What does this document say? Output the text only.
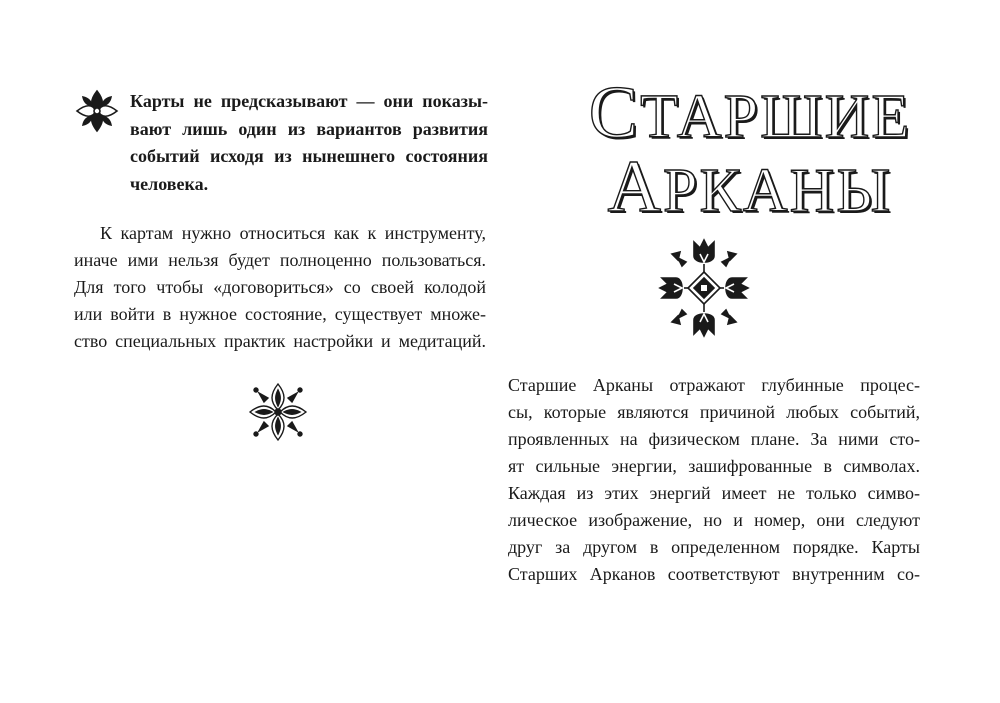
Карты не предсказывают — они показы-
вают лишь один из вариантов развития
событий исходя из нынешнего состояния
человека.

К картам нужно относиться как к инструменту,
иначе ими нельзя будет полноценно пользоваться.
Для того чтобы «договориться» со своей колодой
или войти в нужное состояние, существует множе-
ство специальных практик настройки и медитаций.

СТАРШИЕ
АРКАНЫ

Старшие Арканы отражают глубинные процес-
сы, которые являются причиной любых событий,
проявленных на физическом плане. За ними сто-
ят сильные энергии, зашифрованные в символах.
Каждая из этих энергий имеет не только симво-
лическое изображение, но и номер, они следуют
друг за другом в определенном порядке. Карты
Старших Арканов соответствуют внутренним со-
